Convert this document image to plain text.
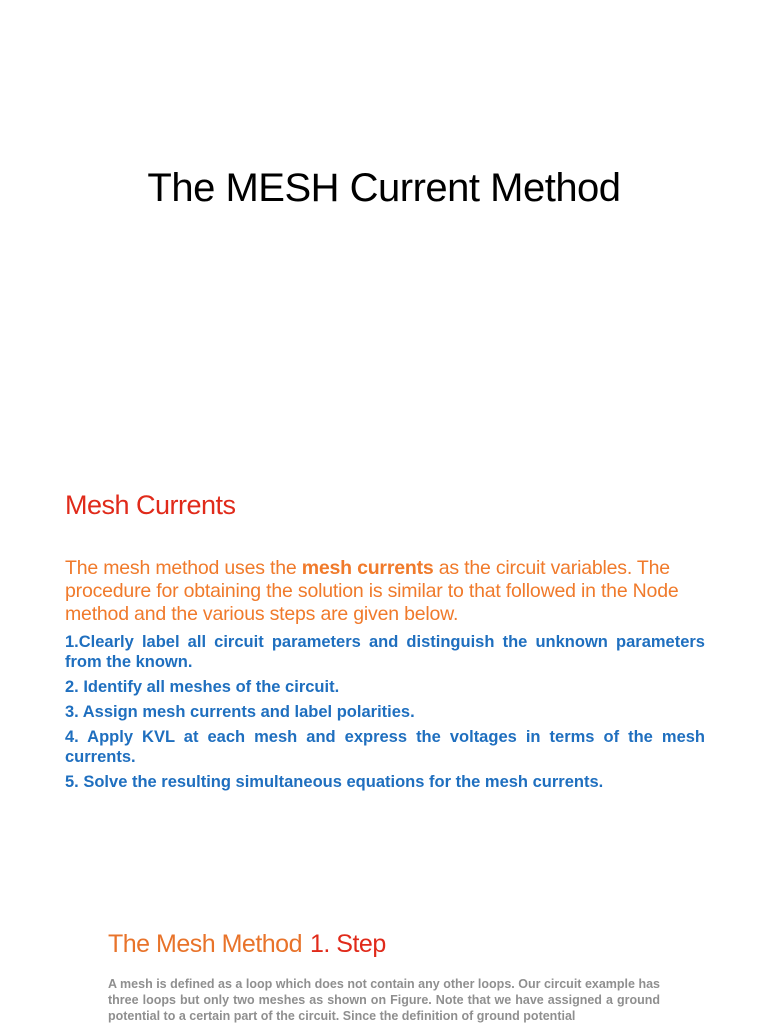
The MESH Current Method
Mesh Currents
The mesh method uses the mesh currents as the circuit variables. The procedure for obtaining the solution is similar to that followed in the Node method and the various steps are given below.
1.Clearly label all circuit parameters and distinguish the unknown parameters from the known.
2. Identify all meshes of the circuit.
3. Assign mesh currents and label polarities.
4. Apply KVL at each mesh and express the voltages in terms of the mesh currents.
5. Solve the resulting simultaneous equations for the mesh currents.
The Mesh Method 1. Step
A mesh is defined as a loop which does not contain any other loops. Our circuit example has three loops but only two meshes as shown on Figure. Note that we have assigned a ground potential to a certain part of the circuit. Since the definition of ground potential
